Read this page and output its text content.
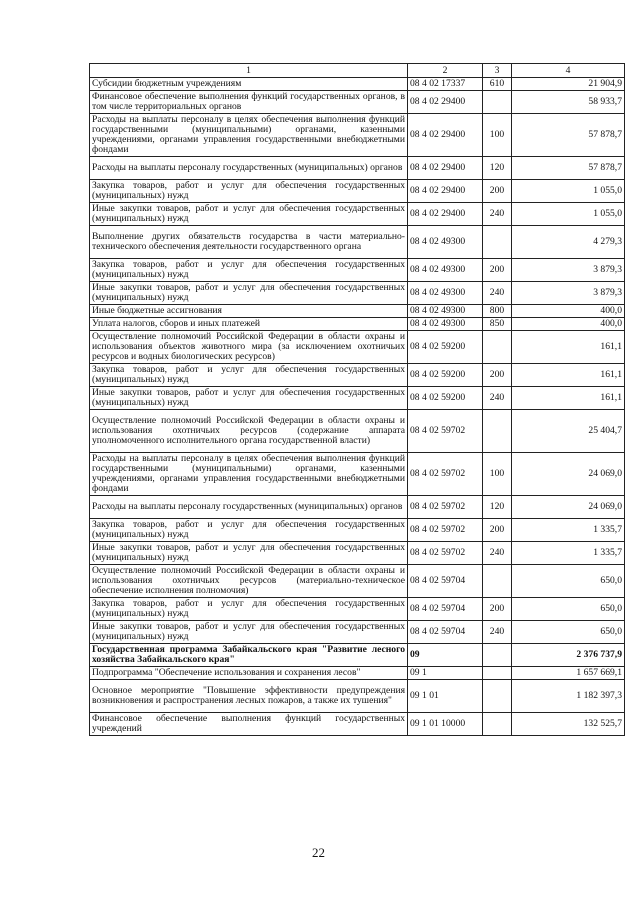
1	2	3	4
Субсидии бюджетным учреждениям	08 4 02 17337	610	21 904,9
Финансовое обеспечение выполнения функций государственных органов, в том числе территориальных органов	08 4 02 29400		58 933,7
Расходы на выплаты персоналу в целях обеспечения выполнения функций государственными (муниципальными) органами, казенными учреждениями, органами управления государственными внебюджетными фондами	08 4 02 29400	100	57 878,7
Расходы на выплаты персоналу государственных (муниципальных) органов	08 4 02 29400	120	57 878,7
Закупка товаров, работ и услуг для обеспечения государственных (муниципальных) нужд	08 4 02 29400	200	1 055,0
Иные закупки товаров, работ и услуг для обеспечения государственных (муниципальных) нужд	08 4 02 29400	240	1 055,0
Выполнение других обязательств государства в части материально-технического обеспечения деятельности государственного органа	08 4 02 49300		4 279,3
Закупка товаров, работ и услуг для обеспечения государственных (муниципальных) нужд	08 4 02 49300	200	3 879,3
Иные закупки товаров, работ и услуг для обеспечения государственных (муниципальных) нужд	08 4 02 49300	240	3 879,3
Иные бюджетные ассигнования	08 4 02 49300	800	400,0
Уплата налогов, сборов и иных платежей	08 4 02 49300	850	400,0
Осуществление полномочий Российской Федерации в области охраны и использования объектов животного мира (за исключением охотничьих ресурсов и водных биологических ресурсов)	08 4 02 59200		161,1
Закупка товаров, работ и услуг для обеспечения государственных (муниципальных) нужд	08 4 02 59200	200	161,1
Иные закупки товаров, работ и услуг для обеспечения государственных (муниципальных) нужд	08 4 02 59200	240	161,1
Осуществление полномочий Российской Федерации в области охраны и использования охотничьих ресурсов (содержание аппарата уполномоченного исполнительного органа государственной власти)	08 4 02 59702		25 404,7
Расходы на выплаты персоналу в целях обеспечения выполнения функций государственными (муниципальными) органами, казенными учреждениями, органами управления государственными внебюджетными фондами	08 4 02 59702	100	24 069,0
Расходы на выплаты персоналу государственных (муниципальных) органов	08 4 02 59702	120	24 069,0
Закупка товаров, работ и услуг для обеспечения государственных (муниципальных) нужд	08 4 02 59702	200	1 335,7
Иные закупки товаров, работ и услуг для обеспечения государственных (муниципальных) нужд	08 4 02 59702	240	1 335,7
Осуществление полномочий Российской Федерации в области охраны и использования охотничьих ресурсов (материально-техническое обеспечение исполнения полномочия)	08 4 02 59704		650,0
Закупка товаров, работ и услуг для обеспечения государственных (муниципальных) нужд	08 4 02 59704	200	650,0
Иные закупки товаров, работ и услуг для обеспечения государственных (муниципальных) нужд	08 4 02 59704	240	650,0
Государственная программа Забайкальского края "Развитие лесного хозяйства Забайкальского края"	09		2 376 737,9
Подпрограмма "Обеспечение использования и сохранения лесов"	09 1		1 657 669,1
Основное мероприятие "Повышение эффективности предупреждения возникновения и распространения лесных пожаров, а также их тушения"	09 1 01		1 182 397,3
Финансовое обеспечение выполнения функций государственных учреждений	09 1 01 10000		132 525,7
22
